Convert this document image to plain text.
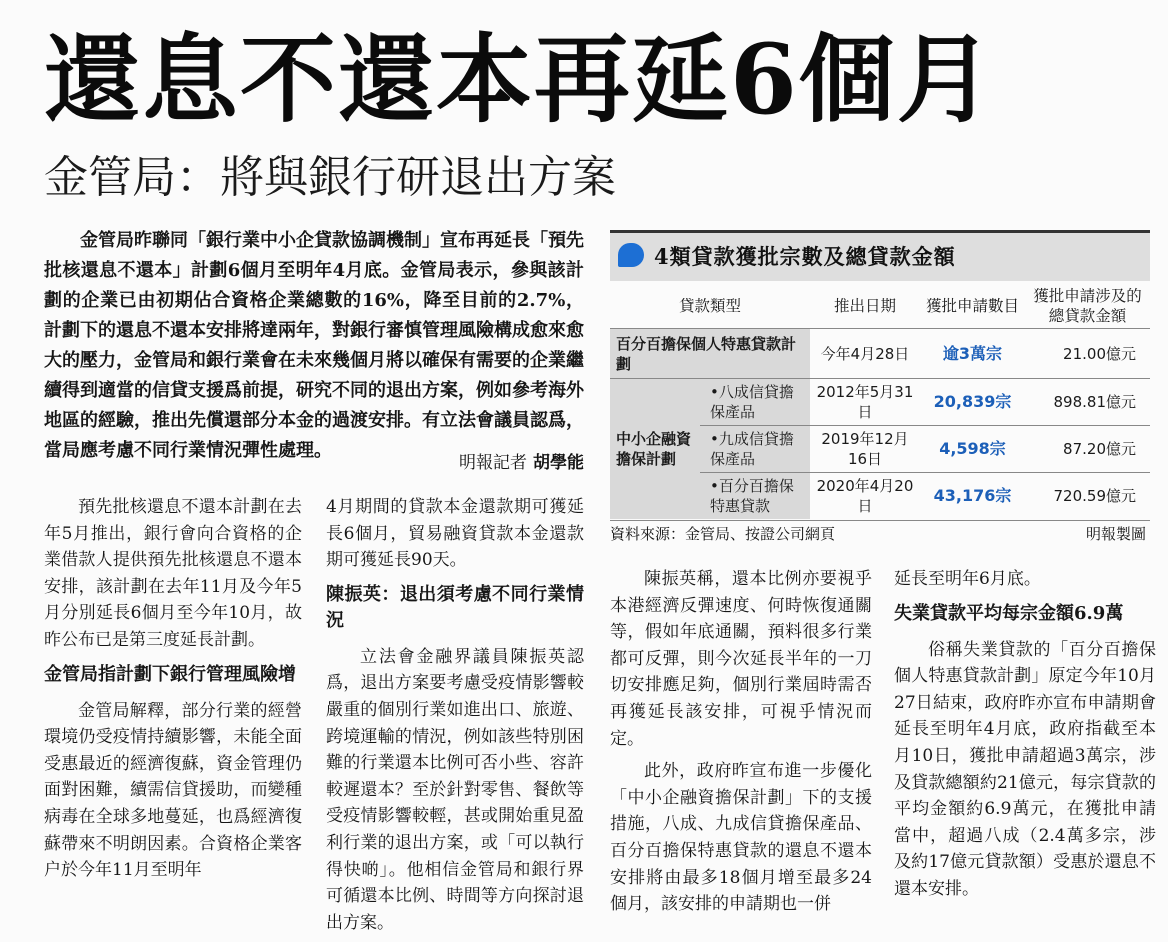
還息不還本再延6個月
金管局：將與銀行研退出方案

金管局昨聯同「銀行業中小企貸款協調機制」宣布再延長「預先批核還息不還本」計劃6個月至明年4月底。金管局表示，參與該計劃的企業已由初期佔合資格企業總數的16%，降至目前的2.7%，計劃下的還息不還本安排將達兩年，對銀行審慎管理風險構成愈來愈大的壓力，金管局和銀行業會在未來幾個月將以確保有需要的企業繼續得到適當的信貸支援爲前提，研究不同的退出方案，例如參考海外地區的經驗，推出先償還部分本金的過渡安排。有立法會議員認爲，當局應考慮不同行業情況彈性處理。

明報記者 胡學能
4類貸款獲批宗數及總貸款金額
貸款類型		推出日期	獲批申請數目	獲批申請涉及的總貸款金額
百分百擔保個人特惠貸款計劃		今年4月28日	逾3萬宗	21.00億元
中小企融資擔保計劃	•八成信貸擔保產品	2012年5月31日	20,839宗	898.81億元
	•九成信貸擔保產品	2019年12月16日	4,598宗	87.20億元
	•百分百擔保特惠貸款	2020年4月20日	43,176宗	720.59億元
資料來源：金管局、按證公司網頁	明報製圖

預先批核還息不還本計劃在去年5月推出，銀行會向合資格的企業借款人提供預先批核還息不還本安排，該計劃在去年11月及今年5月分別延長6個月至今年10月，故昨公布已是第三度延長計劃。

金管局指計劃下銀行管理風險增

金管局解釋，部分行業的經營環境仍受疫情持續影響，未能全面受惠最近的經濟復蘇，資金管理仍面對困難，續需信貸援助，而變種病毒在全球多地蔓延，也爲經濟復蘇帶來不明朗因素。合資格企業客户於今年11月至明年

4月期間的貸款本金還款期可獲延長6個月，貿易融資貸款本金還款期可獲延長90天。

陳振英：退出須考慮不同行業情況

立法會金融界議員陳振英認爲，退出方案要考慮受疫情影響較嚴重的個別行業如進出口、旅遊、跨境運輸的情況，例如該些特別困難的行業還本比例可否小些、容許較遲還本？至於針對零售、餐飲等受疫情影響較輕，甚或開始重見盈利行業的退出方案，或「可以執行得快啲」。他相信金管局和銀行界可循還本比例、時間等方向探討退出方案。

陳振英稱，還本比例亦要視乎本港經濟反彈速度、何時恢復通關等，假如年底通關，預料很多行業都可反彈，則今次延長半年的一刀切安排應足夠，個別行業屆時需否再獲延長該安排，可視乎情況而定。

此外，政府昨宣布進一步優化「中小企融資擔保計劃」下的支援措施，八成、九成信貸擔保產品、百分百擔保特惠貸款的還息不還本安排將由最多18個月增至最多24個月，該安排的申請期也一併

延長至明年6月底。

失業貸款平均每宗金額6.9萬

俗稱失業貸款的「百分百擔保個人特惠貸款計劃」原定今年10月27日結束，政府昨亦宣布申請期會延長至明年4月底，政府指截至本月10日，獲批申請超過3萬宗，涉及貸款總額約21億元，每宗貸款的平均金額約6.9萬元，在獲批申請當中，超過八成（2.4萬多宗，涉及約17億元貸款額）受惠於還息不還本安排。
